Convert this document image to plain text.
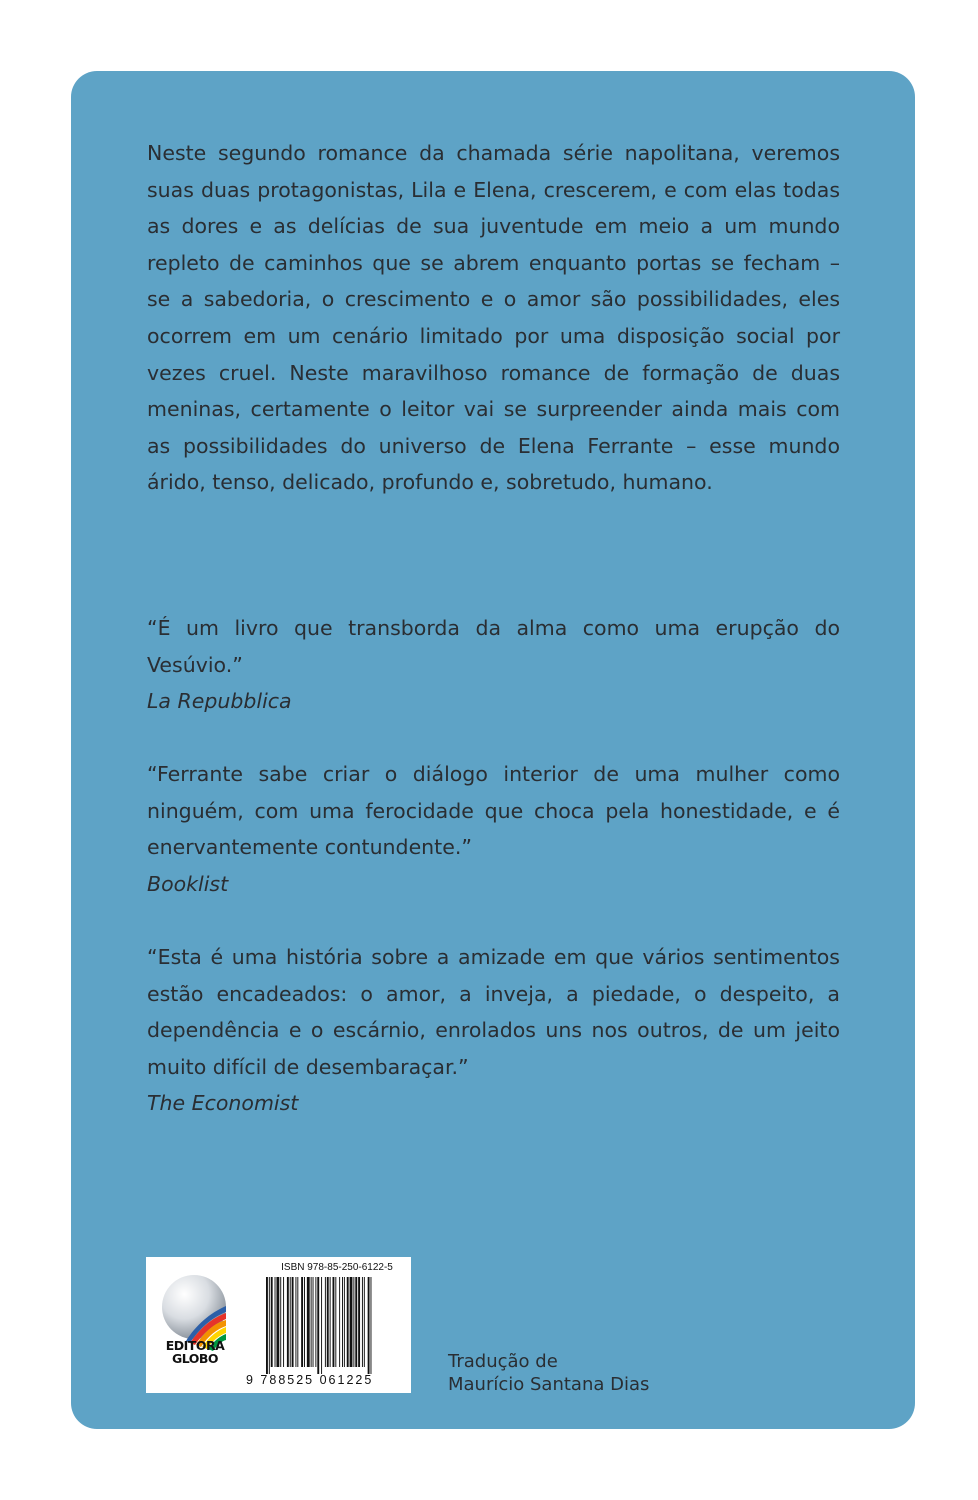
Neste segundo romance da chamada série napolitana, veremos suas duas protagonistas, Lila e Elena, crescerem, e com elas todas as dores e as delícias de sua juventude em meio a um mundo repleto de caminhos que se abrem enquanto portas se fecham – se a sabedoria, o crescimento e o amor são possibilidades, eles ocorrem em um cenário limitado por uma disposição social por vezes cruel. Neste maravilhoso romance de formação de duas meninas, certamente o leitor vai se surpreender ainda mais com as possibilidades do universo de Elena Ferrante – esse mundo árido, tenso, delicado, profundo e, sobretudo, humano.

“É um livro que transborda da alma como uma erupção do Vesúvio.”

La Repubblica

“Ferrante sabe criar o diálogo interior de uma mulher como ninguém, com uma ferocidade que choca pela honestidade, e é enervantemente contundente.”

Booklist

“Esta é uma história sobre a amizade em que vários sentimentos estão encadeados: o amor, a inveja, a piedade, o despeito, a dependência e o escárnio, enrolados uns nos outros, de um jeito muito difícil de desembaraçar.”

The Economist
EDITORA
GLOBO
ISBN 978-85-250-6122-5
9 788525 061225
Tradução de
Maurício Santana Dias
